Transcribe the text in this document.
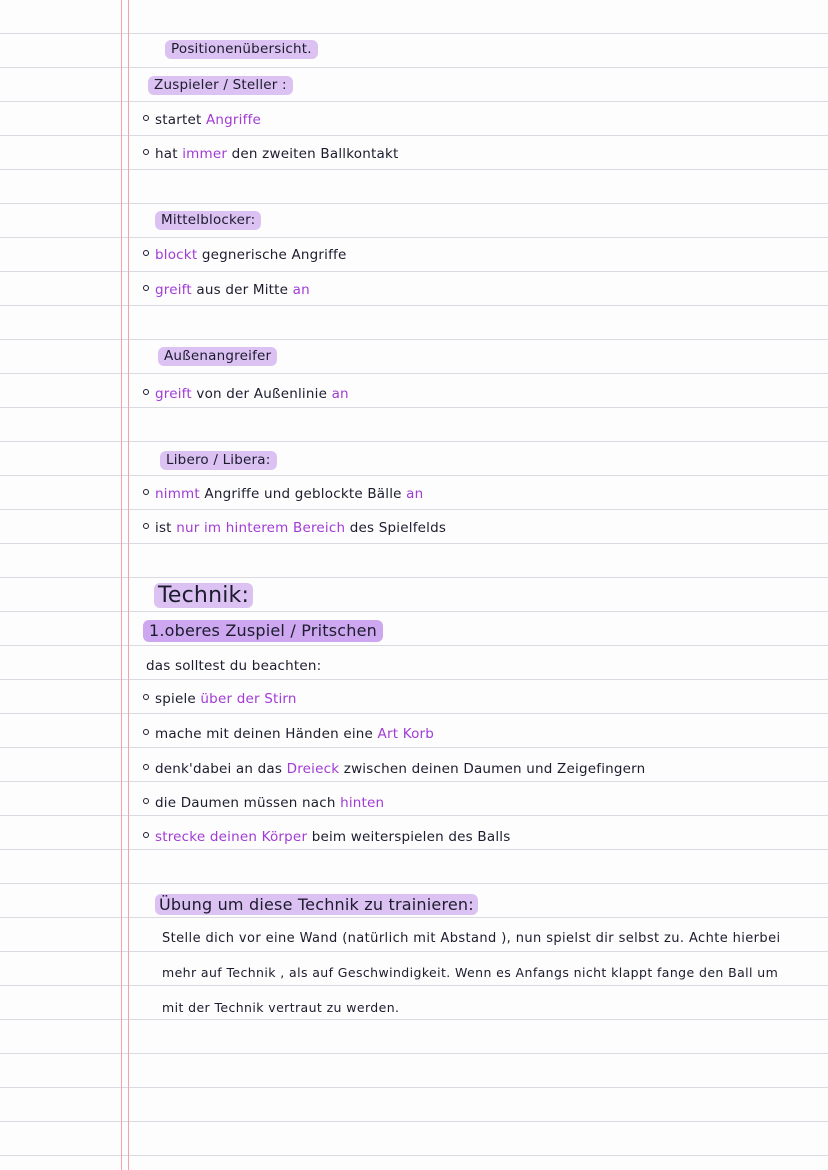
Positionenübersicht.
Zuspieler / Steller :
startet Angriffe
hat immer den zweiten Ballkontakt
Mittelblocker:
blockt gegnerische Angriffe
greift aus der Mitte an
Außenangreifer
greift von der Außenlinie an
Libero / Libera:
nimmt Angriffe und geblockte Bälle an
ist nur im hinterem Bereich des Spielfelds
Technik:
1.oberes Zuspiel / Pritschen
das solltest du beachten:
spiele über der Stirn
mache mit deinen Händen eine Art Korb
denk'dabei an das Dreieck zwischen deinen Daumen und Zeigefingern
die Daumen müssen nach hinten
strecke deinen Körper beim weiterspielen des Balls
Übung um diese Technik zu trainieren:
Stelle dich vor eine Wand (natürlich mit Abstand ), nun spielst dir selbst zu. Achte hierbei
mehr auf Technik , als auf Geschwindigkeit. Wenn es Anfangs nicht klappt fange den Ball um
mit der Technik vertraut zu werden.
